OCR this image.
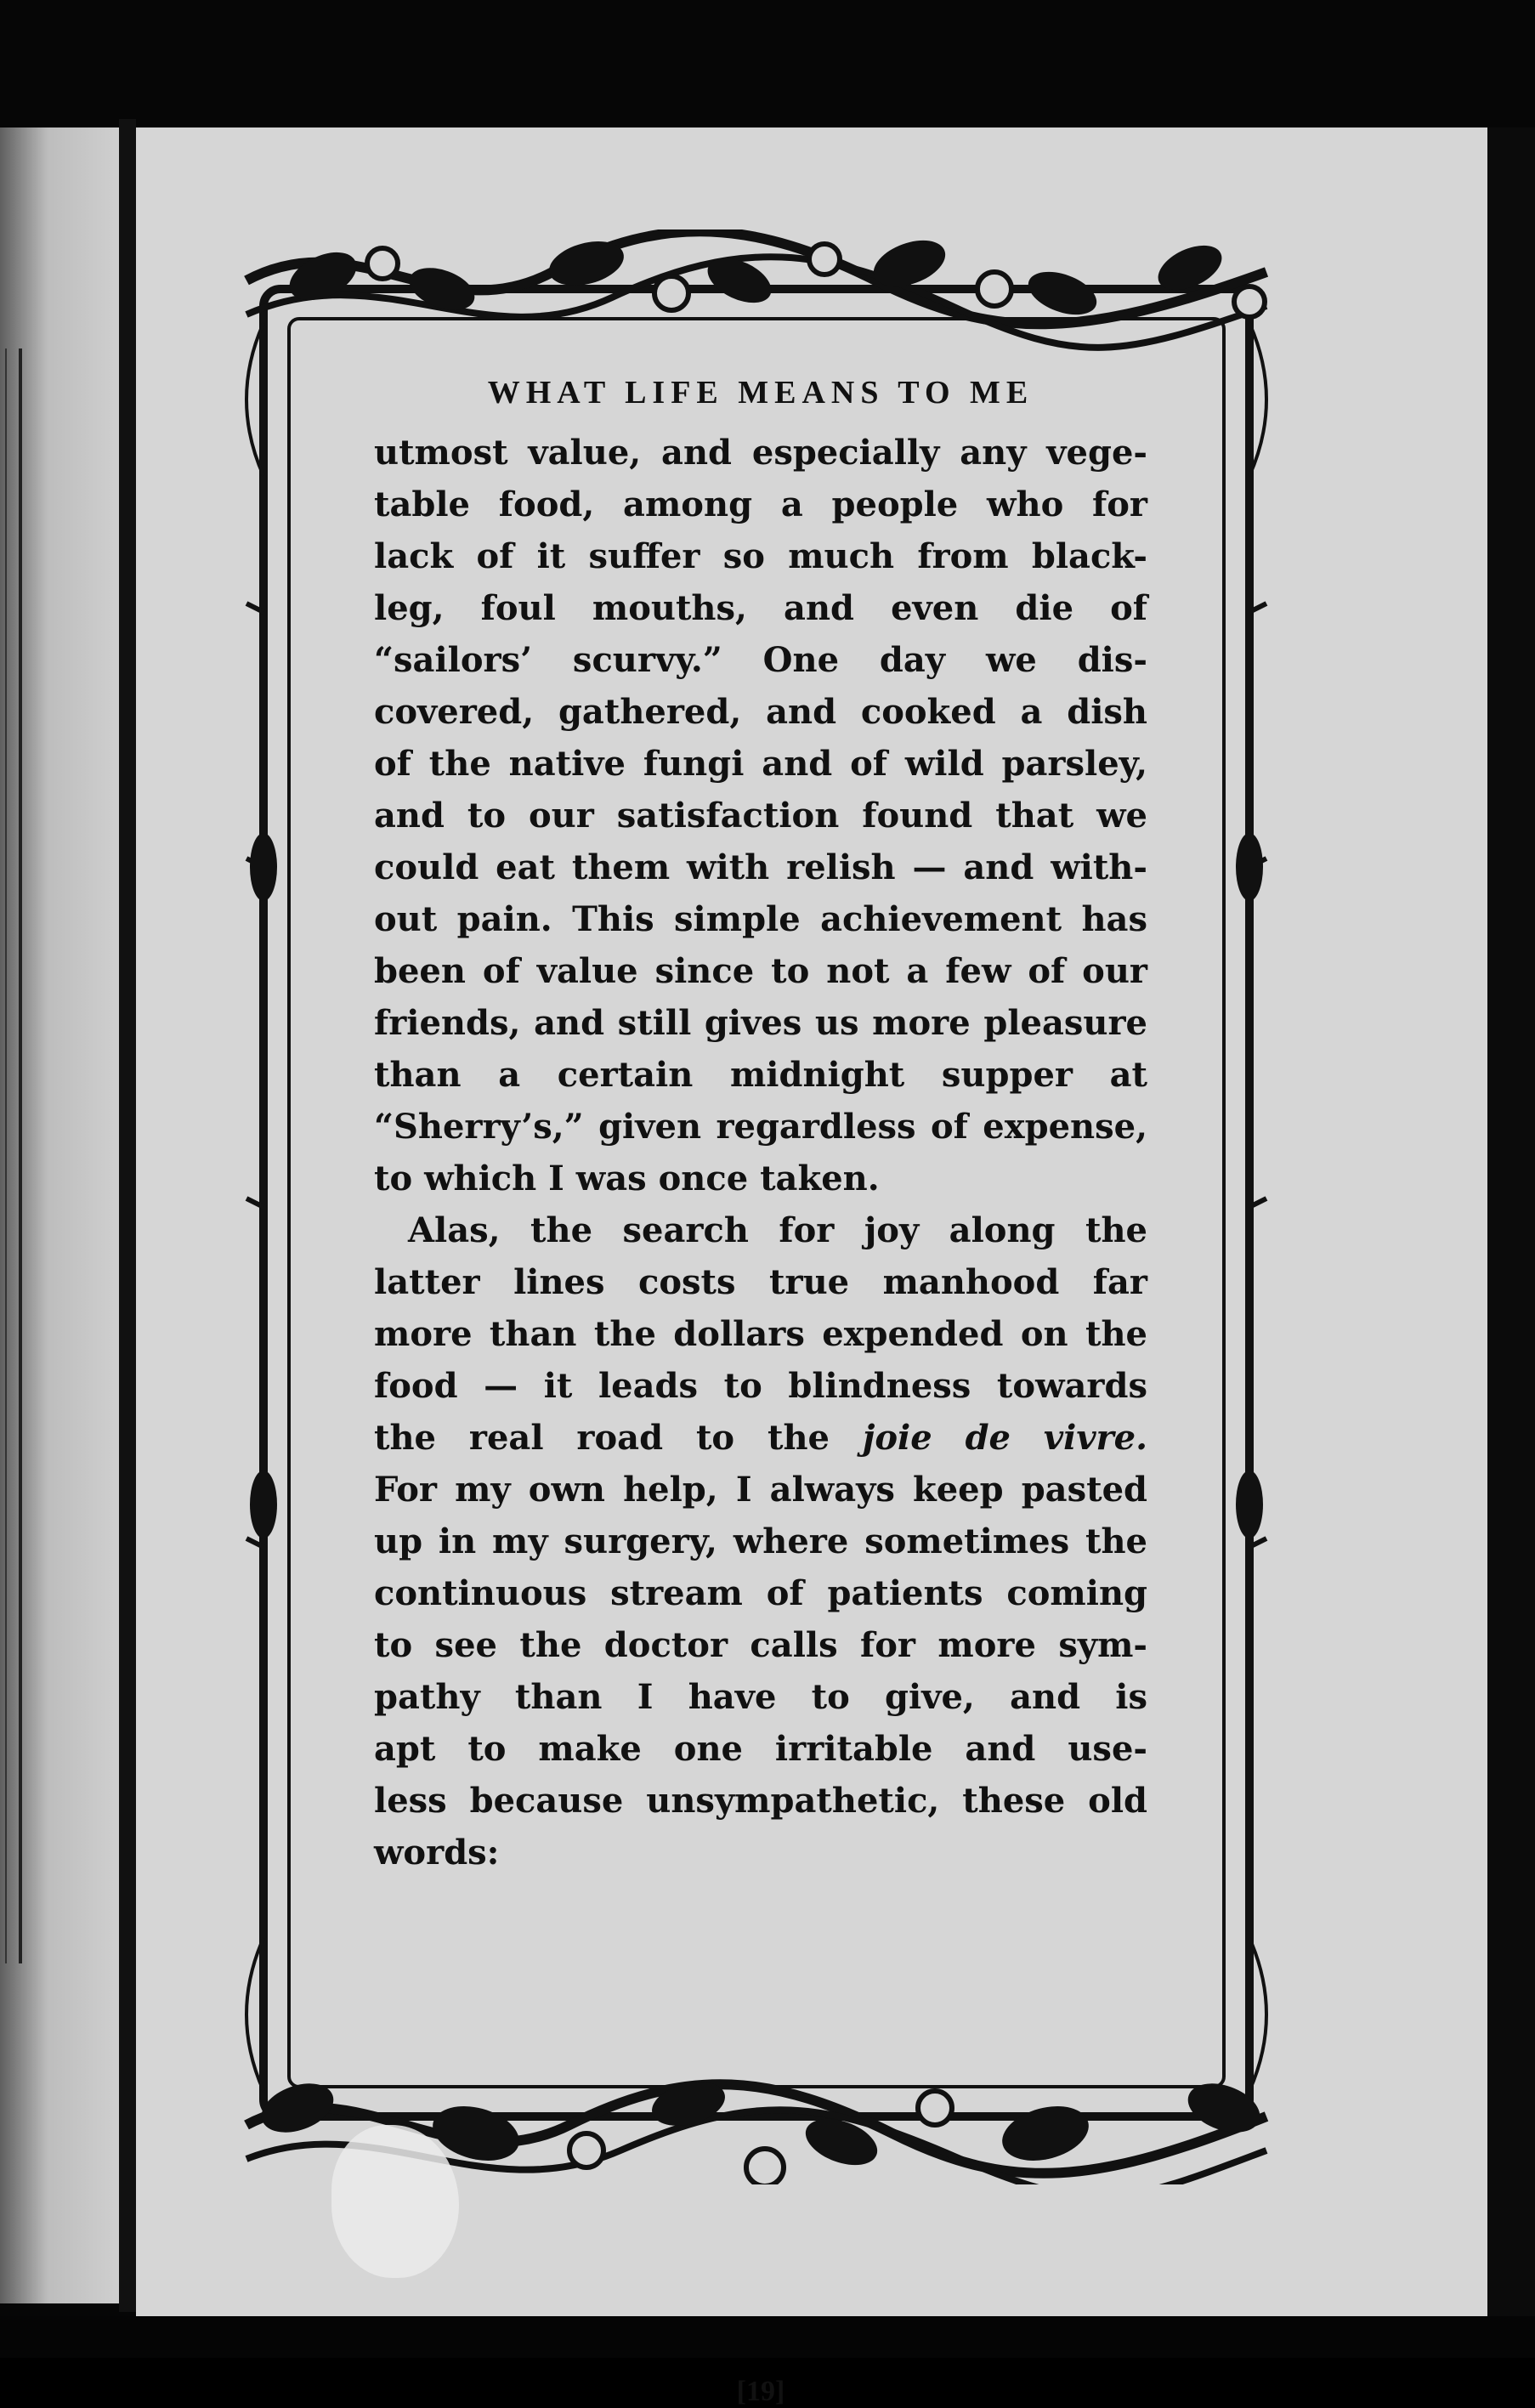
WHAT LIFE MEANS TO ME

utmost value, and especially any vege-
table food, among a people who for
lack of it suffer so much from black-
leg, foul mouths, and even die of
“sailors’ scurvy.” One day we dis-
covered, gathered, and cooked a dish
of the native fungi and of wild parsley,
and to our satisfaction found that we
could eat them with relish — and with-
out pain. This simple achievement has
been of value since to not a few of our
friends, and still gives us more pleasure
than a certain midnight supper at
“Sherry’s,” given regardless of expense,
to which I was once taken.

Alas, the search for joy along the
latter lines costs true manhood far
more than the dollars expended on the
food — it leads to blindness towards
the real road to the joie de vivre.
For my own help, I always keep pasted
up in my surgery, where sometimes the
continuous stream of patients coming
to see the doctor calls for more sym-
pathy than I have to give, and is
apt to make one irritable and use-
less because unsympathetic, these old
words:

[19]
